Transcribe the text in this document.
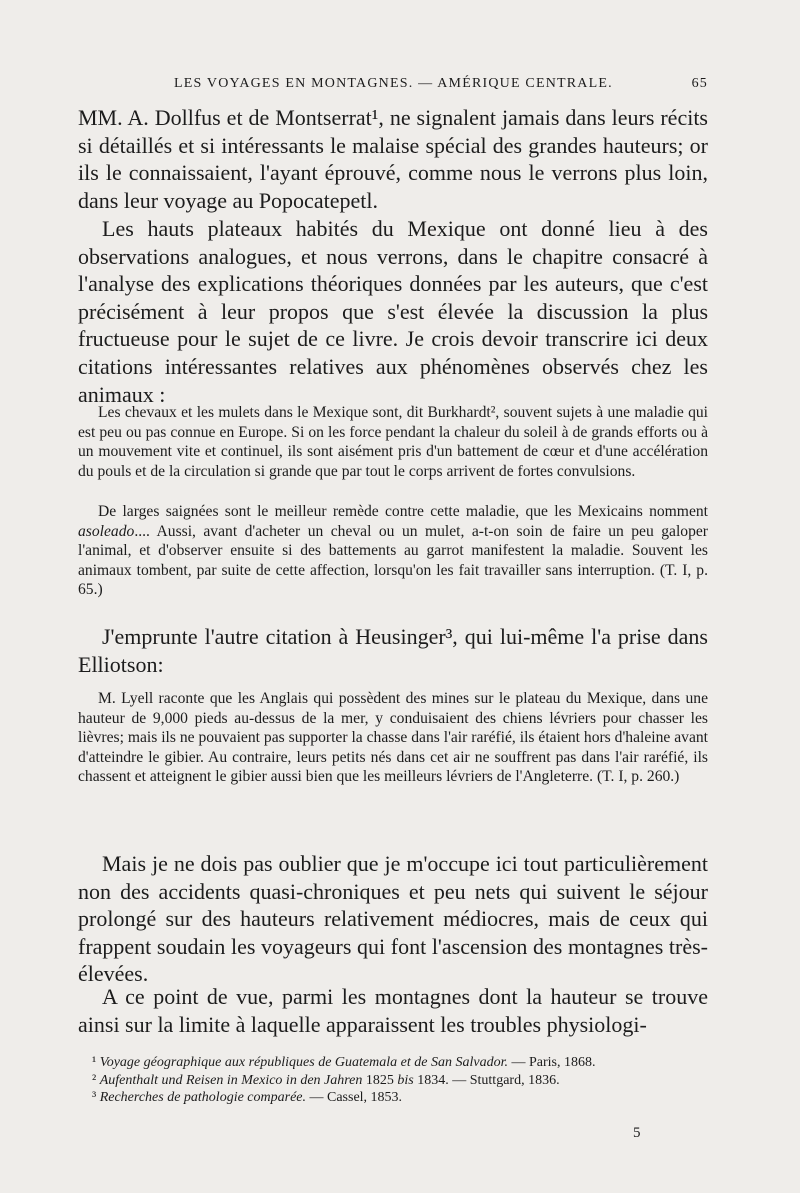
LES VOYAGES EN MONTAGNES. — AMÉRIQUE CENTRALE.	65

MM. A. Dollfus et de Montserrat¹, ne signalent jamais dans leurs récits si détaillés et si intéressants le malaise spécial des grandes hauteurs; or ils le connaissaient, l'ayant éprouvé, comme nous le verrons plus loin, dans leur voyage au Popocatepetl.

Les hauts plateaux habités du Mexique ont donné lieu à des observations analogues, et nous verrons, dans le chapitre consacré à l'analyse des explications théoriques données par les auteurs, que c'est précisément à leur propos que s'est élevée la discussion la plus fructueuse pour le sujet de ce livre. Je crois devoir transcrire ici deux citations intéressantes relatives aux phénomènes observés chez les animaux :

Les chevaux et les mulets dans le Mexique sont, dit Burkhardt², souvent sujets à une maladie qui est peu ou pas connue en Europe. Si on les force pendant la chaleur du soleil à de grands efforts ou à un mouvement vite et continuel, ils sont aisément pris d'un battement de cœur et d'une accélération du pouls et de la circulation si grande que par tout le corps arrivent de fortes convulsions.

De larges saignées sont le meilleur remède contre cette maladie, que les Mexicains nomment asoleado.... Aussi, avant d'acheter un cheval ou un mulet, a-t-on soin de faire un peu galoper l'animal, et d'observer ensuite si des battements au garrot manifestent la maladie. Souvent les animaux tombent, par suite de cette affection, lorsqu'on les fait travailler sans interruption. (T. I, p. 65.)

J'emprunte l'autre citation à Heusinger³, qui lui-même l'a prise dans Elliotson:

M. Lyell raconte que les Anglais qui possèdent des mines sur le plateau du Mexique, dans une hauteur de 9,000 pieds au-dessus de la mer, y conduisaient des chiens lévriers pour chasser les lièvres; mais ils ne pouvaient pas supporter la chasse dans l'air raréfié, ils étaient hors d'haleine avant d'atteindre le gibier. Au contraire, leurs petits nés dans cet air ne souffrent pas dans l'air raréfié, ils chassent et atteignent le gibier aussi bien que les meilleurs lévriers de l'Angleterre. (T. I, p. 260.)

Mais je ne dois pas oublier que je m'occupe ici tout particulièrement non des accidents quasi-chroniques et peu nets qui suivent le séjour prolongé sur des hauteurs relativement médiocres, mais de ceux qui frappent soudain les voyageurs qui font l'ascension des montagnes très-élevées.

A ce point de vue, parmi les montagnes dont la hauteur se trouve ainsi sur la limite à laquelle apparaissent les troubles physiologi-

¹ Voyage géographique aux républiques de Guatemala et de San Salvador. — Paris, 1868.

² Aufenthalt und Reisen in Mexico in den Jahren 1825 bis 1834. — Stuttgard, 1836.

³ Recherches de pathologie comparée. — Cassel, 1853.

5
